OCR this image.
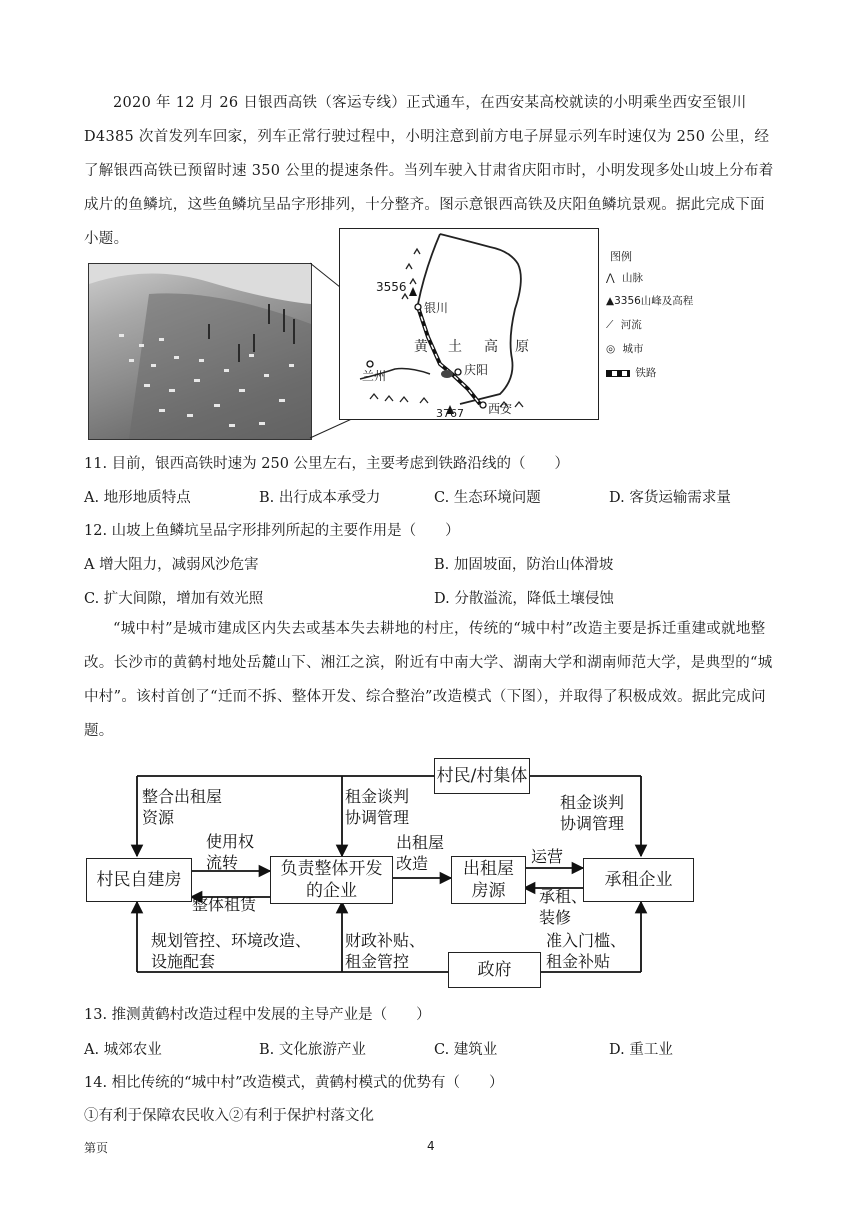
2020 年 12 月 26 日银西高铁（客运专线）正式通车，在西安某高校就读的小明乘坐西安至银川 D4385 次首发列车回家，列车正常行驶过程中，小明注意到前方电子屏显示列车时速仅为 250 公里，经了解银西高铁已预留时速 350 公里的提速条件。当列车驶入甘肃省庆阳市时，小明发现多处山坡上分布着成片的鱼鳞坑，这些鱼鳞坑呈品字形排列，十分整齐。图示意银西高铁及庆阳鱼鳞坑景观。据此完成下面小题。
3556
银川
黄 土 高 原
兰州	庆阳
西安
3767
图例
⋀ 山脉
▲3356山峰及高程
⟋ 河流
◎ 城市
铁路
11. 目前，银西高铁时速为 250 公里左右，主要考虑到铁路沿线的（　　）
A. 地形地质特点	B. 出行成本承受力	C. 生态环境问题	D. 客货运输需求量
12. 山坡上鱼鳞坑呈品字形排列所起的主要作用是（　　）
A 增大阻力，减弱风沙危害	B. 加固坡面，防治山体滑坡
C. 扩大间隙，增加有效光照	D. 分散溢流，降低土壤侵蚀
“城中村”是城市建成区内失去或基本失去耕地的村庄，传统的“城中村”改造主要是拆迁重建或就地整改。长沙市的黄鹤村地处岳麓山下、湘江之滨，附近有中南大学、湖南大学和湖南师范大学，是典型的“城中村”。该村首创了“迁而不拆、整体开发、综合整治”改造模式（下图），并取得了积极成效。据此完成问题。
村民/村集体
村民自建房
负责整体开发
的企业
出租屋
房源
承租企业
政府
整合出租屋
资源
租金谈判
协调管理
租金谈判
协调管理
使用权
流转
整体租赁
出租屋
改造	运营
承租、
装修
规划管控、环境改造、
设施配套
财政补贴、
租金管控
准入门槛、
租金补贴
13. 推测黄鹤村改造过程中发展的主导产业是（　　）
A. 城郊农业	B. 文化旅游产业	C. 建筑业	D. 重工业
14. 相比传统的“城中村”改造模式，黄鹤村模式的优势有（　　）
①有利于保障农民收入②有利于保护村落文化
第页	4
